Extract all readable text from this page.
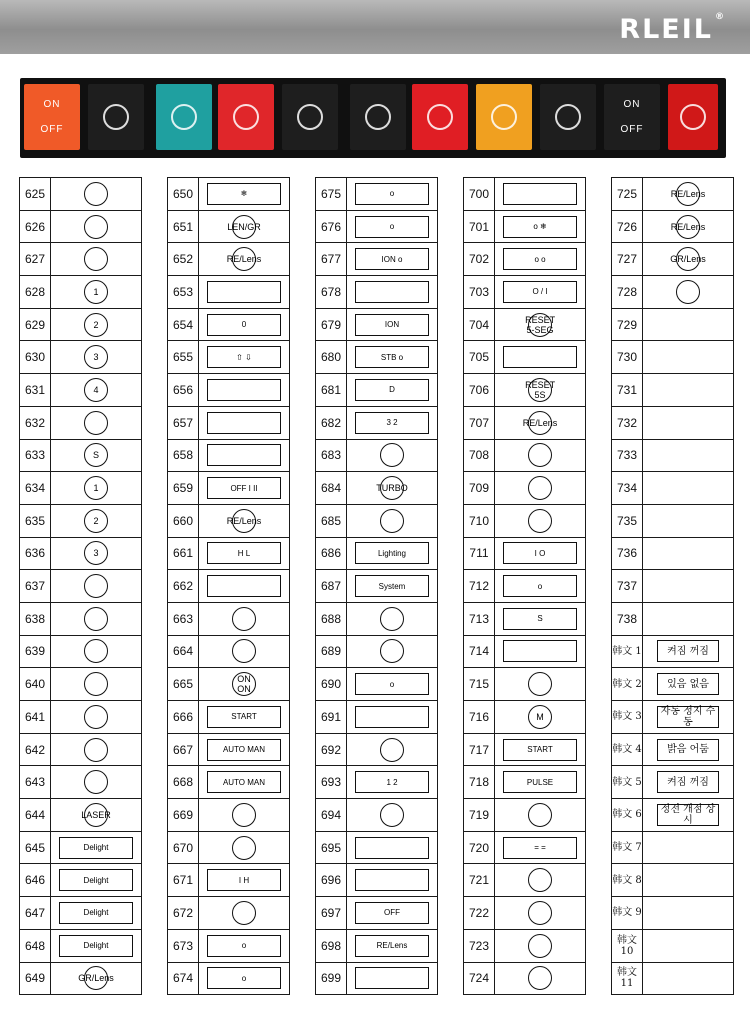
RLEIL ®
ON
OFF
ON
OFF
625	
626	
627	
628	1
629	2
630	3
631	4
632	
633	S
634	1
635	2
636	3
637	
638	
639	
640	
641	
642	
643	
644	LASER
645	Delight
646	Delight
647	Delight
648	Delight
649	GR/Lens
650	❄
651	LEN/GR
652	RE/Lens
653	
654	0
655	⇧ ⇩
656	
657	
658	
659	OFF I II
660	RE/Lens
661	H L
662	
663	
664	
665	ON ON
666	START
667	AUTO MAN
668	AUTO MAN
669	
670	
671	I H
672	
673	o
674	o
675	o
676	o
677	ION o
678	
679	ION
680	STB o
681	D
682	3 2
683	
684	TURBO
685	
686	Lighting
687	System
688	
689	
690	o
691	
692	
693	1 2
694	
695	
696	
697	OFF
698	RE/Lens
699	
700	
701	o ❄
702	o o
703	O / I
704	RESET 5-SEG
705	
706	RESET 5S
707	RE/Lens
708	
709	
710	
711	I O
712	o
713	S
714	
715	
716	M
717	START
718	PULSE
719	
720	= =
721	
722	
723	
724	
725	RE/Lens
726	RE/Lens
727	GR/Lens
728	
729	
730	
731	
732	
733	
734	
735	
736	
737	
738	
韩文 1	켜짐 꺼짐
韩文 2	있음 없음
韩文 3	자동 정지 수동
韩文 4	밝음 어둠
韩文 5	켜짐 꺼짐
韩文 6	정전 개점 상시
韩文 7	
韩文 8	
韩文 9	
韩文 10	
韩文 11	
